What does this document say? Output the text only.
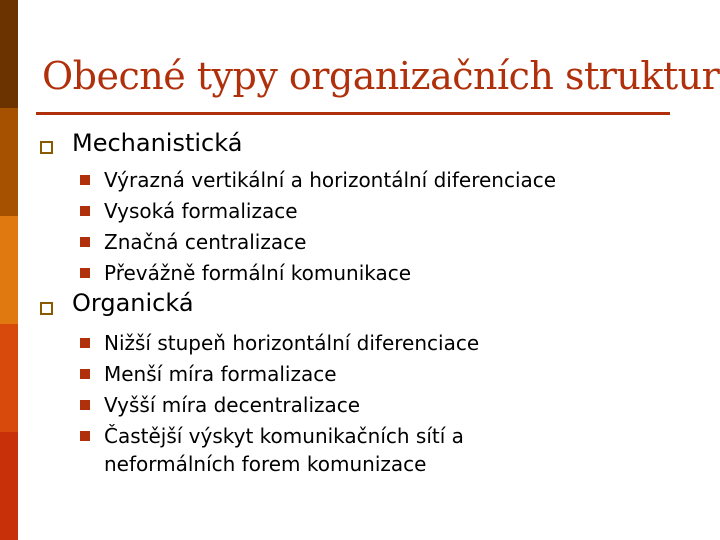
Obecné typy organizačních struktur
Mechanistická
Výrazná vertikální a horizontální diferenciace
Vysoká formalizace
Značná centralizace
Převážně formální komunikace
Organická
Nižší stupeň horizontální diferenciace
Menší míra formalizace
Vyšší míra decentralizace
Častější výskyt komunikačních sítí a
neformálních forem komunizace
